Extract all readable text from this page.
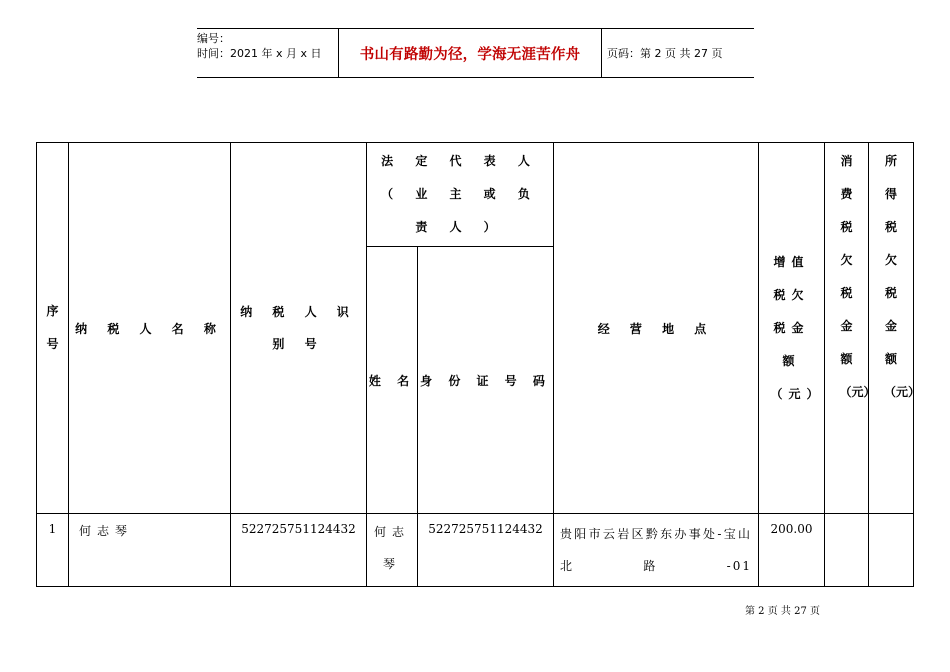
编号：
时间：2021 年 x 月 x 日	书山有路勤为径，学海无涯苦作舟	页码：第 2 页 共 27 页
序号	纳 税 人 名 称	纳 税 人 识 别 号	法 定 代 表 人 （ 业 主 或 负 责 人 ）		经 营 地 点	增值税欠税金额（元）	消费税欠税金额（元）	所得税欠税金额（元）

			姓 名	身 份 证 号 码				
1	何志琴	522725751124432	何志琴	522725751124432	贵阳市云岩区黔东办事处-宝山北路-01	200.00		
第 2 页 共 27 页
